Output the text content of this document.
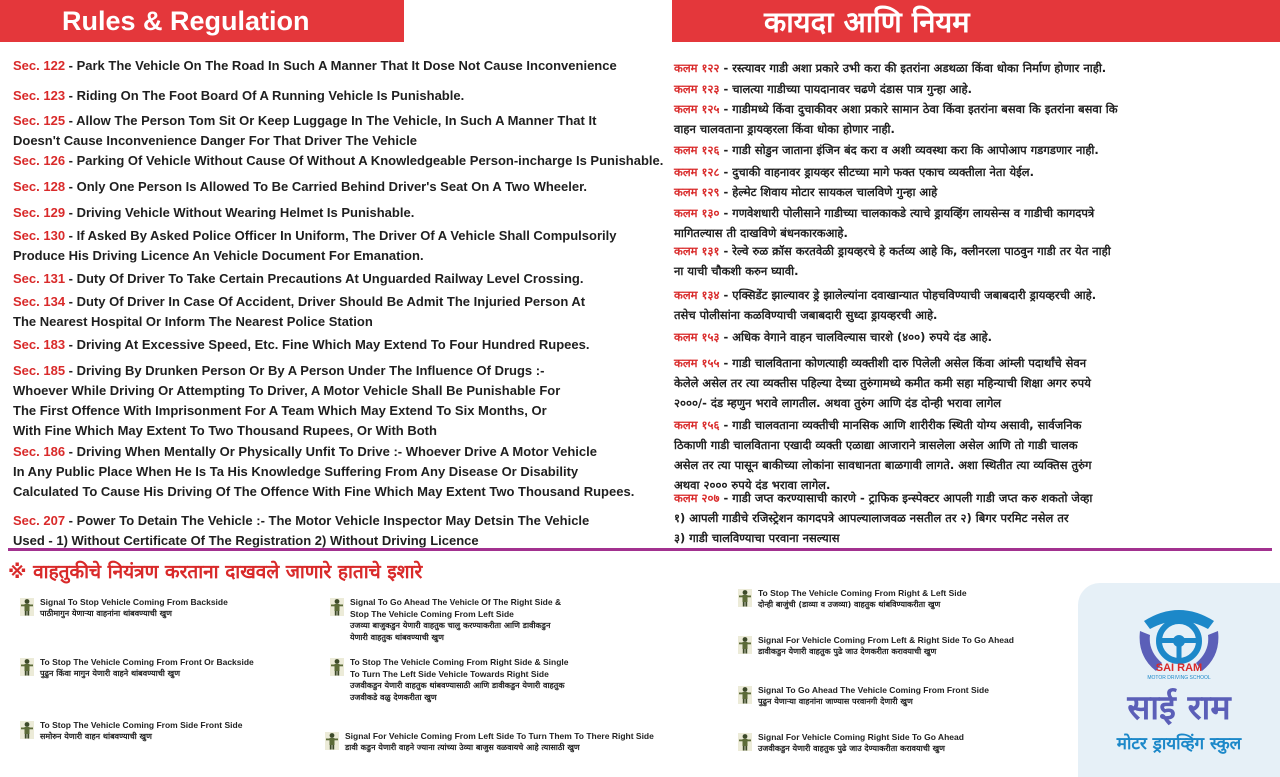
Rules & Regulation	कायदा आणि नियम
Sec. 122 - Park The Vehicle On The Road In Such A Manner That It Dose Not Cause Inconvenience
Sec. 123 - Riding On The Foot Board Of A Running Vehicle Is Punishable.
Sec. 125 - Allow The Person Tom Sit Or Keep Luggage In The Vehicle, In Such A Manner That It
Doesn't Cause Inconvenience Danger For That Driver The Vehicle
Sec. 126 - Parking Of Vehicle Without Cause Of Without A Knowledgeable Person-incharge Is Punishable.
Sec. 128 - Only One Person Is Allowed To Be Carried Behind Driver's Seat On A Two Wheeler.
Sec. 129 - Driving Vehicle Without Wearing Helmet Is Punishable.
Sec. 130 - If Asked By Asked Police Officer In Uniform, The Driver Of A Vehicle Shall Compulsorily
Produce His Driving Licence An Vehicle Document For Emanation.
Sec. 131 - Duty Of Driver To Take Certain Precautions At Unguarded Railway Level Crossing.
Sec. 134 - Duty Of Driver In Case Of Accident, Driver Should Be Admit The Injuried Person At
The Nearest Hospital Or Inform The Nearest Police Station
Sec. 183 - Driving At Excessive Speed, Etc. Fine Which May Extend To Four Hundred Rupees.
Sec. 185 - Driving By Drunken Person Or By A Person Under The Influence Of Drugs :-
Whoever While Driving Or Attempting To Driver, A Motor Vehicle Shall Be Punishable For
The First Offence With Imprisonment For A Team Which May Extend To Six Months, Or
With Fine Which May Extent To Two Thousand Rupees, Or With Both
Sec. 186 - Driving When Mentally Or Physically Unfit To Drive :- Whoever Drive A Motor Vehicle
In Any Public Place When He Is Ta His Knowledge Suffering From Any Disease Or Disability
Calculated To Cause His Driving Of The Offence With Fine Which May Extent Two Thousand Rupees.
Sec. 207 - Power To Detain The Vehicle :- The Motor Vehicle Inspector May Detsin The Vehicle
Used - 1) Without Certificate Of The Registration 2) Without Driving Licence
कलम १२२ - रस्त्यावर गाडी अशा प्रकारे उभी करा की इतरांना अडथळा किंवा धोका निर्माण होणार नाही.
कलम १२३ - चालत्या गाडीच्या पायदानावर चढणे दंडास पात्र गुन्हा आहे.
कलम १२५ - गाडीमध्ये किंवा दुचाकीवर अशा प्रकारे सामान ठेवा किंवा इतरांना बसवा कि इतरांना बसवा कि
वाहन चालवताना ड्रायव्हरला किंवा धोका होणार नाही.
कलम १२६ - गाडी सोडुन जाताना इंजिन बंद करा व अशी व्यवस्था करा कि आपोआप गडगडणार नाही.
कलम १२८ - दुचाकी वाहनावर ड्रायव्हर सीटच्या मागे फक्त एकाच व्यक्तीला नेता येईल.
कलम १२९ - हेल्मेट शिवाय मोटार सायकल चालविणे गुन्हा आहे
कलम १३० - गणवेशधारी पोलीसाने गाडीच्या चालकाकडे त्याचे ड्रायव्हिंग लायसेन्स व गाडीची कागदपत्रे
मागितल्यास ती दाखविणे बंधनकारकआहे.
कलम १३१ - रेल्वे रुळ क्रॉस करतवेळी ड्रायव्हरचे हे कर्तव्य आहे कि, क्लीनरला पाठवुन गाडी तर येत नाही
ना याची चौकशी करुन घ्यावी.
कलम १३४ - एक्सिडेंट झाल्यावर ड्रे झालेल्यांना दवाखान्यात पोहचविण्याची जबाबदारी ड्रायव्हरची आहे.
तसेच पोलीसांना कळविण्याची जबाबदारी सुध्दा ड्रायव्हरची आहे.
कलम १५३ - अधिक वेगाने वाहन चालविल्यास चारशे (४००) रुपये दंड आहे.
कलम १५५ - गाडी चालविताना कोणत्याही व्यक्तीशी दारु पिलेली असेल किंवा आंम्ली पदार्थांचे सेवन
केलेले असेल तर त्या व्यक्तीस पहिल्या देेच्या तुरुंगामध्ये कमीत कमी सहा महिन्याची शिक्षा अगर रुपये
२०००/- दंड म्हणुन भरावे लागतील. अथवा तुरुंग आणि दंड दोन्ही भरावा लागेल
कलम १५६ - गाडी चालवताना व्यक्तीची मानसिक आणि शारीरीक स्थिती योग्य असावी, सार्वजनिक
ठिकाणी गाडी चालविताना एखादी व्यक्ती एळाद्या आजाराने त्रासलेला असेल आणि तो गाडी चालक
असेल तर त्या पासून बाकीच्या लोकांना सावधानता बाळगावी लागते. अशा स्थितीत त्या व्यक्तिस तुरुंग
अथवा २००० रुपये दंड भरावा लागेल.
कलम २०७ - गाडी जप्त करण्यासाची कारणे - ट्राफिक इन्स्पेक्टर आपली गाडी जप्त करु शकतो जेव्हा
१) आपली गाडीचे रजिस्ट्रेशन कागदपत्रे आपल्यालाजवळ नसतील तर २) बिगर परमिट नसेल तर
३) गाडी चालविण्याचा परवाना नसल्यास
※ वाहतुकीचे नियंत्रण करताना दाखवले जाणारे हाताचे इशारे
Signal To Stop Vehicle Coming From Backside
पाठीमागुन येणाऱ्या वाहनांना थांबवण्याची खुण
To Stop The Vehicle Coming From Front Or Backside
पुढुन किंवा मागुन येणारी वाहने थांबवण्याची खुण
To Stop The Vehicle Coming From Side Front Side
समोरुन येणारी वाहन थांबवण्याची खुण
Signal To Go Ahead The Vehicle Of The Right Side &
Stop The Vehicle Coming From Left Side
उजव्या बाजुकडुन येणारी वाहतुक चालु करण्याकरीता आणि डावीकडुन
येणारी वाहतुक थांबवण्याची खुण
To Stop The Vehicle Coming From Right Side & Single
To Turn The Left Side Vehicle Towards Right Side
उजवीकडुन येणारी वाहतुक थांबवण्यासाठी आणि डावीकडुन येणारी वाहतुक
उजवीकडे वळु देणकरीता खुण
Signal For Vehicle Coming From Left Side To Turn Them To There Right Side
डावी कडुन येणारी वाहने ज्याना त्यांच्या उेव्या बाजुस वळवायचे आहे त्यासाठी खुण
To Stop The Vehicle Coming From Right & Left Side
दोन्ही बाजुंची (डाव्या व उजव्या) वाहतुक थांबविण्याकरीता खुण
Signal For Vehicle Coming From Left & Right Side To Go Ahead
डावीकडुन येणारी वाहतुक पुढे जाउ देणकरीता करावयाची खुण
Signal To Go Ahead The Vehicle Coming From Front Side
पुढुन येणाऱ्या वाहनांना जाण्यास परवानगी देणारी खुण
Signal For Vehicle Coming Right Side To Go Ahead
उजवीकडुन येणारी वाहतुक पुढे जाउ देण्याकरीता करावयाची खुण
SAI RAM
MOTOR DRIVING SCHOOL
साई राम
मोटर ड्रायव्हिंग स्कुल
